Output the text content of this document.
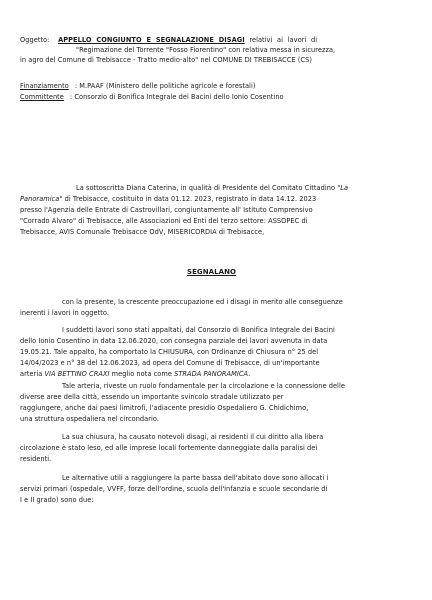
Oggetto: APPELLO CONGIUNTO E SEGNALAZIONE DISAGI relativi ai lavori di
"Regimazione del Torrente "Fosso Fiorentino" con relativa messa in sicurezza,
in agro del Comune di Trebisacce - Tratto medio-alto" nel COMUNE DI TREBISACCE (CS)
Finanziamento : M.PAAF (Ministero delle politiche agricole e forestali)
Committente : Consorzio di Bonifica Integrale dei Bacini dello Ionio Cosentino
La sottoscritta Diana Caterina, in qualità di Presidente del Comitato Cittadino "La
Panoramica" di Trebisacce, costituito in data 01.12. 2023, registrato in data 14.12. 2023
presso l'Agenzia delle Entrate di Castrovillari, congiuntamente all' Istituto Comprensivo
"Corrado Alvaro" di Trebisacce, alle Associazioni ed Enti del terzo settore: ASSOPEC di
Trebisacce, AVIS Comunale Trebisacce OdV, MISERICORDIA di Trebisacce,
SEGNALANO
con la presente, la crescente preoccupazione ed i disagi in merito alle conseguenze
inerenti i lavori in oggetto.
I suddetti lavori sono stati appaltati, dal Consorzio di Bonifica Integrale dei Bacini
dello Ionio Cosentino in data 12.06.2020, con consegna parziale dei lavori avvenuta in data
19.05.21. Tale appalto, ha comportato la CHIUSURA, con Ordinanze di Chiusura n° 25 del
14/04/2023 e n° 38 del 12.06.2023, ad opera del Comune di Trebisacce, di un'importante
arteria VIA BETTINO CRAXI meglio nota come STRADA PANORAMICA.
Tale arteria, riveste un ruolo fondamentale per la circolazione e la connessione delle
diverse aree della città, essendo un importante svincolo stradale utilizzato per
raggiungere, anche dai paesi limitrofi, l'adiacente presidio Ospedaliero G. Chidichimo,
una struttura ospedaliera nel circondario.
La sua chiusura, ha causato notevoli disagi, ai residenti il cui diritto alla libera
circolazione è stato leso, ed alle imprese locali fortemente danneggiate dalla paralisi dei
residenti.
Le alternative utili a raggiungere la parte bassa dell'abitato dove sono allocati i
servizi primari (ospedale, VVFF, forze dell'ordine, scuola dell'infanzia e scuole secondarie di
I e II grado) sono due:
